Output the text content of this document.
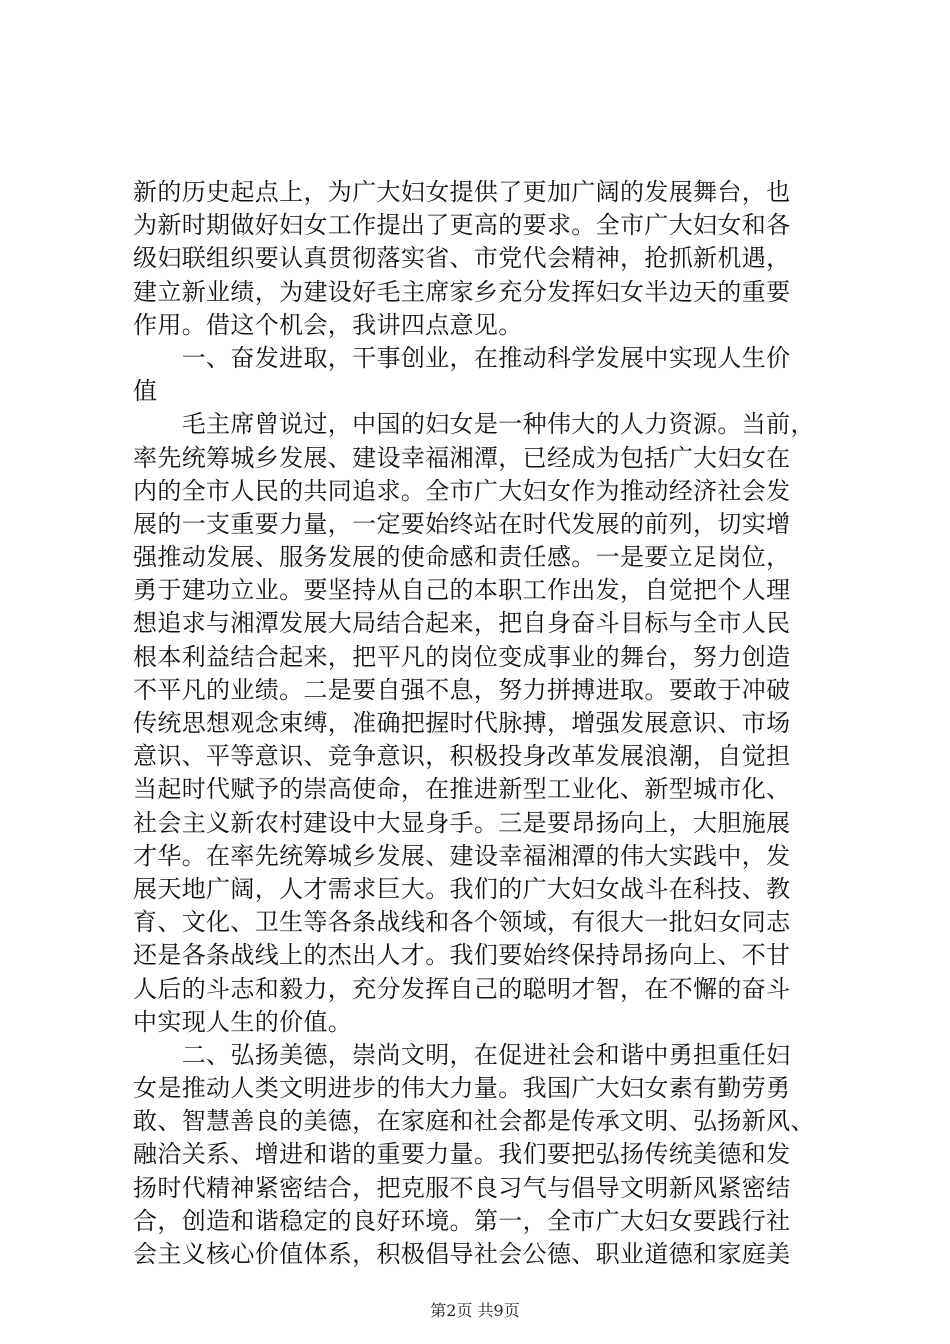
新的历史起点上，为广大妇女提供了更加广阔的发展舞台，也
为新时期做好妇女工作提出了更高的要求。全市广大妇女和各
级妇联组织要认真贯彻落实省、市党代会精神，抢抓新机遇，
建立新业绩，为建设好毛主席家乡充分发挥妇女半边天的重要
作用。借这个机会，我讲四点意见。
　　一、奋发进取，干事创业，在推动科学发展中实现人生价
值
　　毛主席曾说过，中国的妇女是一种伟大的人力资源。当前，
率先统筹城乡发展、建设幸福湘潭，已经成为包括广大妇女在
内的全市人民的共同追求。全市广大妇女作为推动经济社会发
展的一支重要力量，一定要始终站在时代发展的前列，切实增
强推动发展、服务发展的使命感和责任感。一是要立足岗位，
勇于建功立业。要坚持从自己的本职工作出发，自觉把个人理
想追求与湘潭发展大局结合起来，把自身奋斗目标与全市人民
根本利益结合起来，把平凡的岗位变成事业的舞台，努力创造
不平凡的业绩。二是要自强不息，努力拼搏进取。要敢于冲破
传统思想观念束缚，准确把握时代脉搏，增强发展意识、市场
意识、平等意识、竞争意识，积极投身改革发展浪潮，自觉担
当起时代赋予的崇高使命，在推进新型工业化、新型城市化、
社会主义新农村建设中大显身手。三是要昂扬向上，大胆施展
才华。在率先统筹城乡发展、建设幸福湘潭的伟大实践中，发
展天地广阔，人才需求巨大。我们的广大妇女战斗在科技、教
育、文化、卫生等各条战线和各个领域，有很大一批妇女同志
还是各条战线上的杰出人才。我们要始终保持昂扬向上、不甘
人后的斗志和毅力，充分发挥自己的聪明才智，在不懈的奋斗
中实现人生的价值。
　　二、弘扬美德，崇尚文明，在促进社会和谐中勇担重任妇
女是推动人类文明进步的伟大力量。我国广大妇女素有勤劳勇
敢、智慧善良的美德，在家庭和社会都是传承文明、弘扬新风、
融洽关系、增进和谐的重要力量。我们要把弘扬传统美德和发
扬时代精神紧密结合，把克服不良习气与倡导文明新风紧密结
合，创造和谐稳定的良好环境。第一，全市广大妇女要践行社
会主义核心价值体系，积极倡导社会公德、职业道德和家庭美
第2页 共9页
